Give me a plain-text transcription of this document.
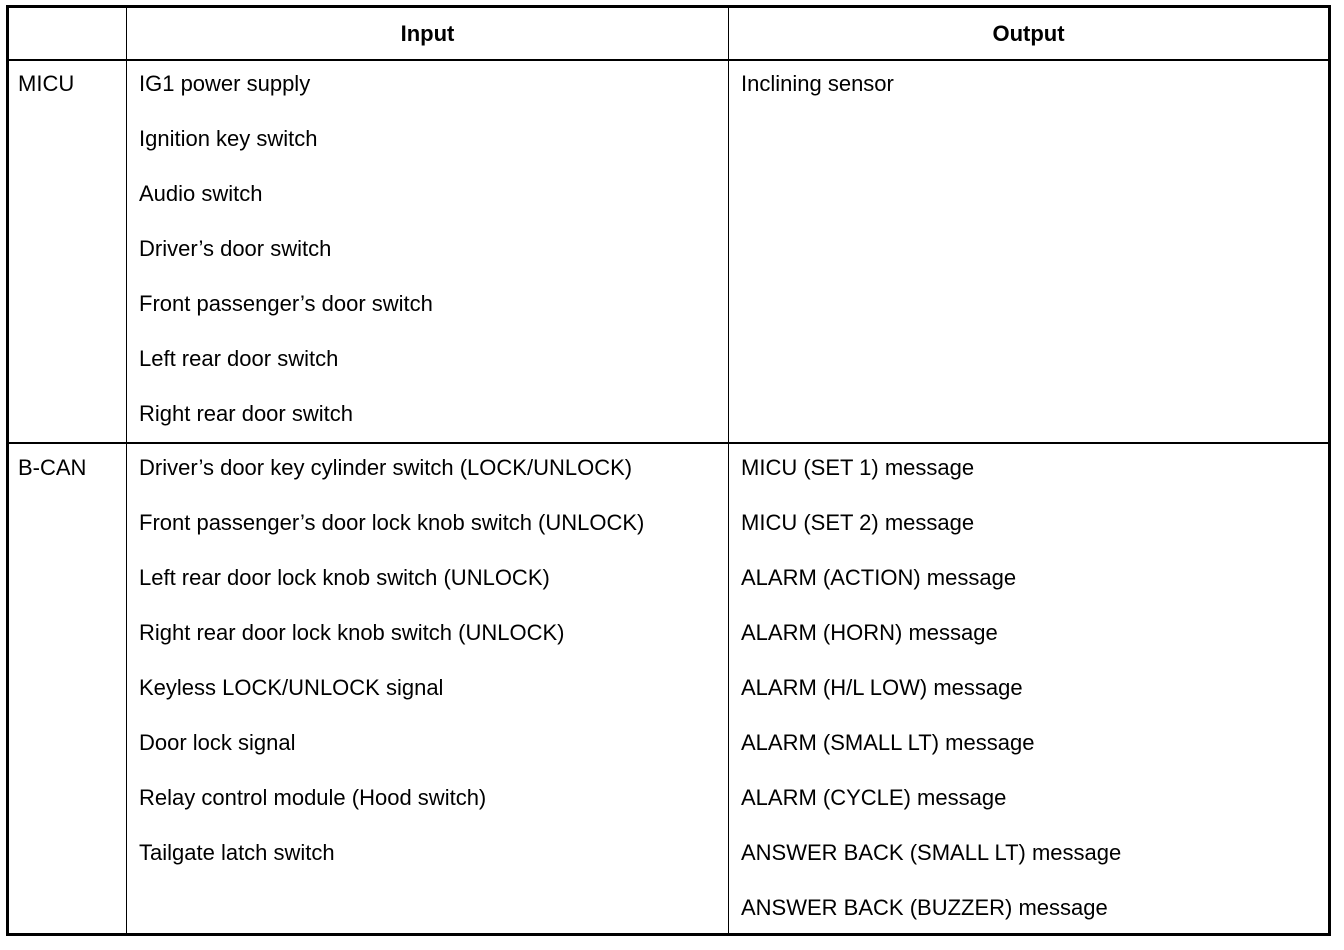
Input	Output
MICU	IG1 power supply
Ignition key switch
Audio switch
Driver’s door switch
Front passenger’s door switch
Left rear door switch
Right rear door switch
Inclining sensor
B-CAN Driver’s door key cylinder switch (LOCK/UNLOCK)
Front passenger’s door lock knob switch (UNLOCK)
Left rear door lock knob switch (UNLOCK)
Right rear door lock knob switch (UNLOCK)
Keyless LOCK/UNLOCK signal
Door lock signal
Relay control module (Hood switch)
Tailgate latch switch
MICU (SET 1) message
MICU (SET 2) message
ALARM (ACTION) message
ALARM (HORN) message
ALARM (H/L LOW) message
ALARM (SMALL LT) message
ALARM (CYCLE) message
ANSWER BACK (SMALL LT) message
ANSWER BACK (BUZZER) message
